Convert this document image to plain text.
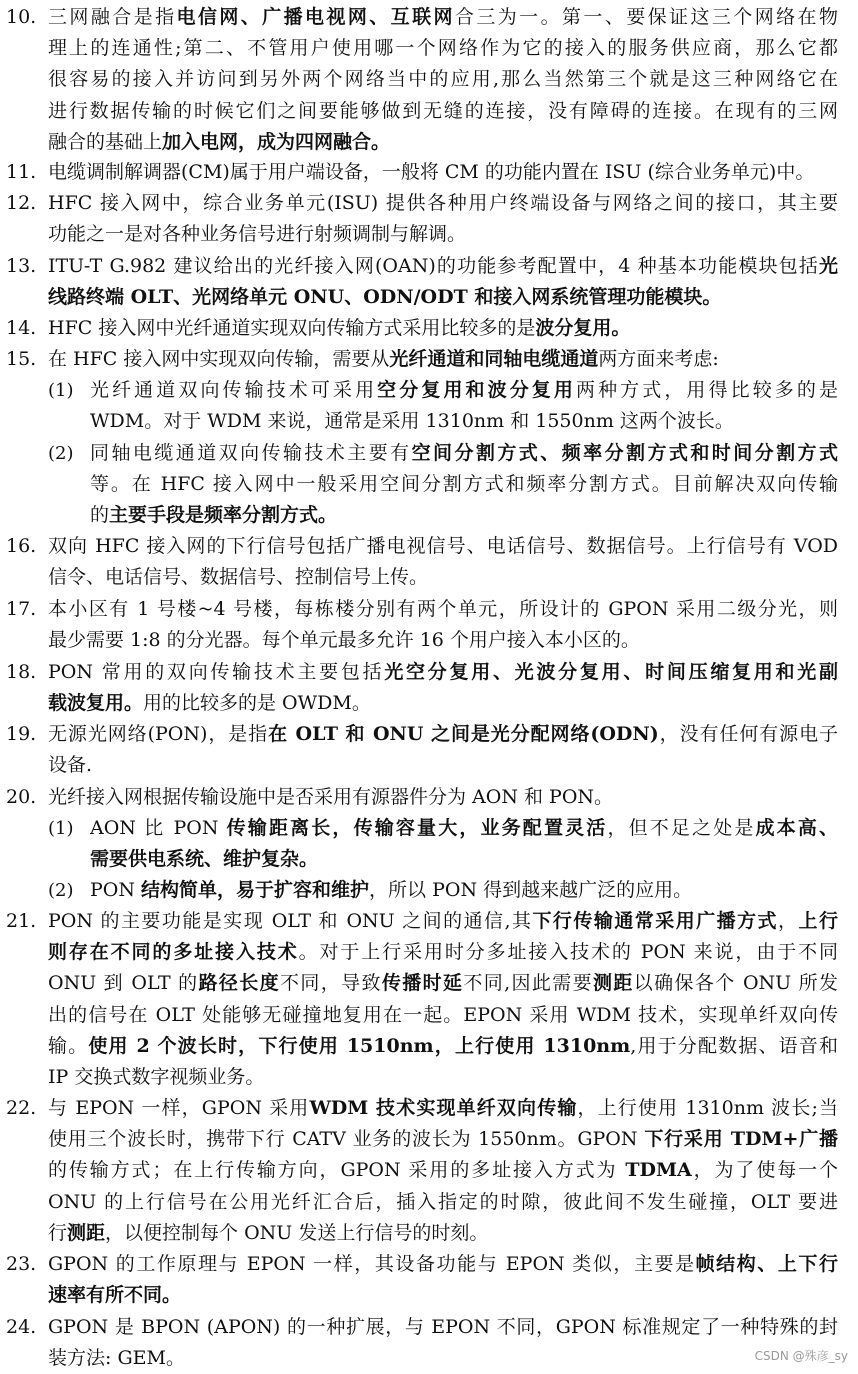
10. 三网融合是指电信网、广播电视网、互联网合三为一。第一、要保证这三个网络在物
理上的连通性;第二、不管用户使用哪一个网络作为它的接入的服务供应商，那么它都
很容易的接入并访问到另外两个网络当中的应用,那么当然第三个就是这三种网络它在
进行数据传输的时候它们之间要能够做到无缝的连接，没有障碍的连接。在现有的三网
融合的基础上加入电网，成为四网融合。
11. 电缆调制解调器(CM)属于用户端设备，一般将 CM 的功能内置在 ISU (综合业务单元)中。
12. HFC 接入网中，综合业务单元(ISU) 提供各种用户终端设备与网络之间的接口，其主要
功能之一是对各种业务信号进行射频调制与解调。
13. ITU-T G.982 建议给出的光纤接入网(OAN)的功能参考配置中，4 种基本功能模块包括光
线路终端 OLT、光网络单元 ONU、ODN/ODT 和接入网系统管理功能模块。
14. HFC 接入网中光纤通道实现双向传输方式采用比较多的是波分复用。
15. 在 HFC 接入网中实现双向传输，需要从光纤通道和同轴电缆通道两方面来考虑:
(1) 光纤通道双向传输技术可采用空分复用和波分复用两种方式，用得比较多的是
WDM。对于 WDM 来说，通常是采用 1310nm 和 1550nm 这两个波长。
(2) 同轴电缆通道双向传输技术主要有空间分割方式、频率分割方式和时间分割方式
等。在 HFC 接入网中一般采用空间分割方式和频率分割方式。目前解决双向传输
的主要手段是频率分割方式。
16. 双向 HFC 接入网的下行信号包括广播电视信号、电话信号、数据信号。上行信号有 VOD
信令、电话信号、数据信号、控制信号上传。
17. 本小区有 1 号楼~4 号楼，每栋楼分别有两个单元，所设计的 GPON 采用二级分光，则
最少需要 1:8 的分光器。每个单元最多允许 16 个用户接入本小区的。
18. PON 常用的双向传输技术主要包括光空分复用、光波分复用、时间压缩复用和光副
载波复用。用的比较多的是 OWDM。
19. 无源光网络(PON)，是指在 OLT 和 ONU 之间是光分配网络(ODN)，没有任何有源电子
设备.
20. 光纤接入网根据传输设施中是否采用有源器件分为 AON 和 PON。
(1) AON 比 PON 传输距离长，传输容量大，业务配置灵活，但不足之处是成本高、
需要供电系统、维护复杂。
(2) PON 结构简单，易于扩容和维护，所以 PON 得到越来越广泛的应用。
21. PON 的主要功能是实现 OLT 和 ONU 之间的通信,其下行传输通常采用广播方式，上行
则存在不同的多址接入技术。对于上行采用时分多址接入技术的 PON 来说，由于不同
ONU 到 OLT 的路径长度不同，导致传播时延不同,因此需要测距以确保各个 ONU 所发
出的信号在 OLT 处能够无碰撞地复用在一起。EPON 采用 WDM 技术，实现单纤双向传
输。使用 2 个波长时，下行使用 1510nm，上行使用 1310nm,用于分配数据、语音和
IP 交换式数字视频业务。
22. 与 EPON 一样，GPON 采用WDM 技术实现单纤双向传输，上行使用 1310nm 波长;当
使用三个波长时，携带下行 CATV 业务的波长为 1550nm。GPON 下行采用 TDM+广播
的传输方式；在上行传输方向，GPON 采用的多址接入方式为 TDMA，为了使每一个
ONU 的上行信号在公用光纤汇合后，插入指定的时隙，彼此间不发生碰撞，OLT 要进
行测距，以便控制每个 ONU 发送上行信号的时刻。
23. GPON 的工作原理与 EPON 一样，其设备功能与 EPON 类似，主要是帧结构、上下行
速率有所不同。
24. GPON 是 BPON (APON) 的一种扩展，与 EPON 不同，GPON 标准规定了一种特殊的封
装方法: GEM。	CSDN @殊彦_sy
